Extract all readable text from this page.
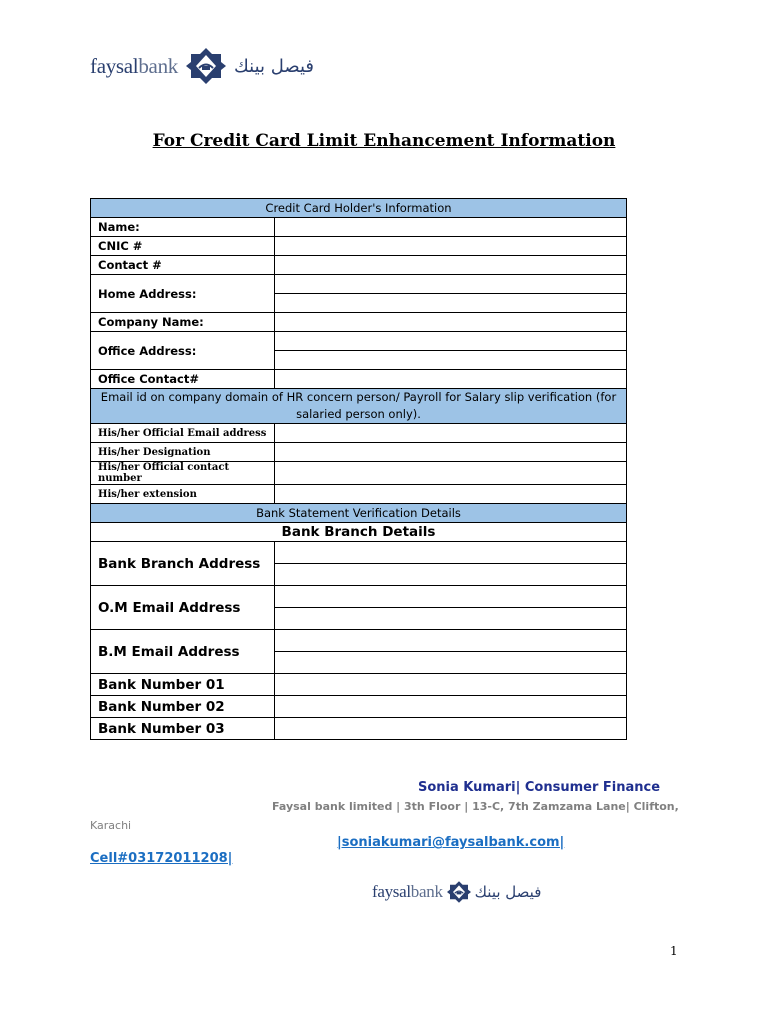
faysalbank	فيصل بينك
For Credit Card Limit Enhancement Information
Credit Card Holder's Information	
Name:	
CNIC #	
Contact #	
Home Address:	

Company Name:	
Office Address:	

Office Contact#	
Email id on company domain of HR concern person/ Payroll for Salary slip verification (for salaried person only).	
His/her Official Email address	
His/her Designation	
His/her Official contact number	
His/her extension	
Bank Statement Verification Details	
Bank Branch Details	
Bank Branch Address	

O.M Email Address	

B.M Email Address	

Bank Number 01	
Bank Number 02	
Bank Number 03	
Sonia Kumari| Consumer Finance
Faysal bank limited | 3th Floor | 13-C, 7th Zamzama Lane| Clifton,
Karachi
|soniakumari@faysalbank.com|
Cell#03172011208|
faysalbank فيصل بينك
1
